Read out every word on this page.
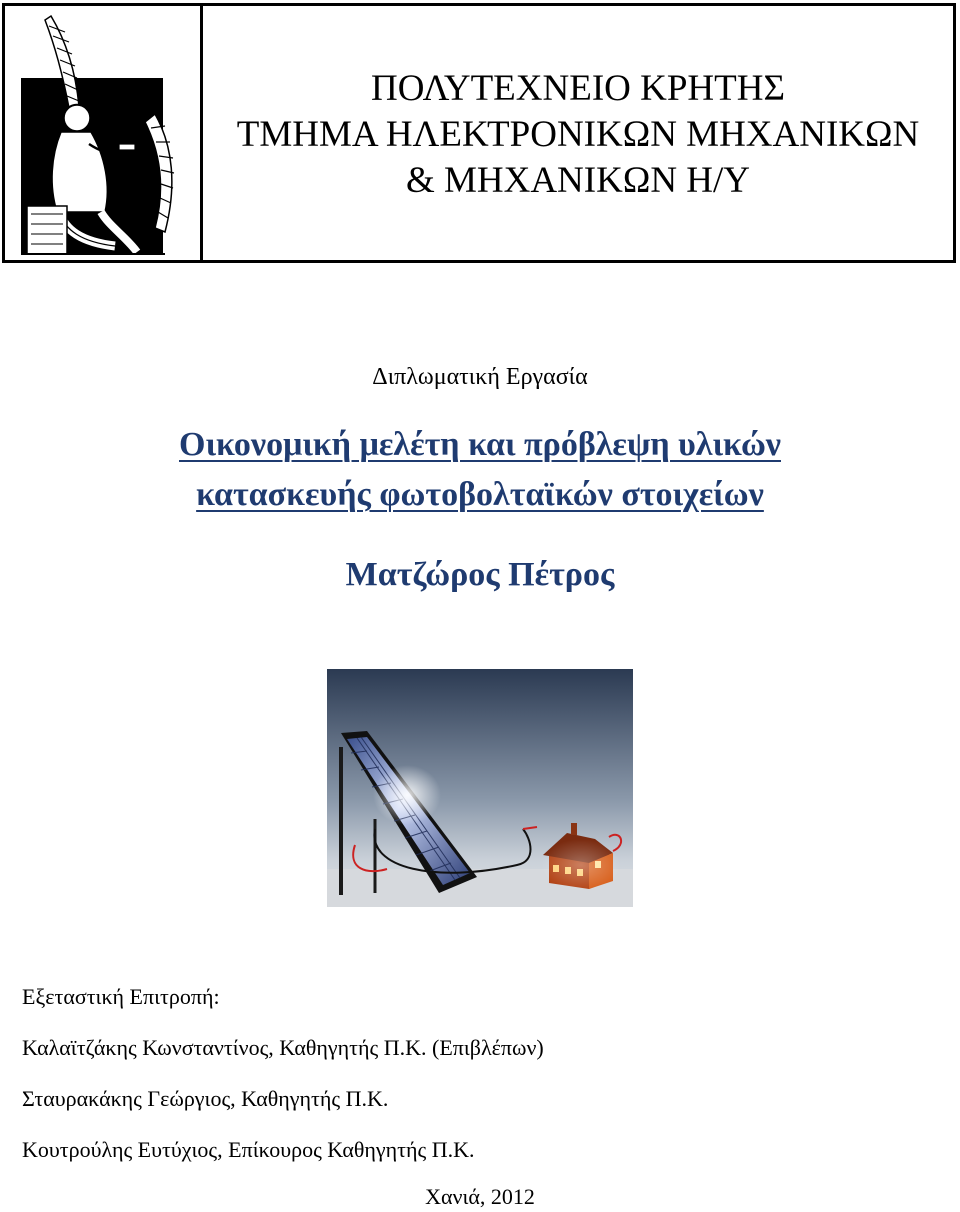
ΠΟΛΥΤΕΧΝΕΙΟ ΚΡΗΤΗΣ
ΤΜΗΜΑ ΗΛΕΚΤΡΟΝΙΚΩΝ ΜΗΧΑΝΙΚΩΝ
& ΜΗΧΑΝΙΚΩΝ Η/Υ
Διπλωματική Εργασία
Οικονομική μελέτη και πρόβλεψη υλικών
κατασκευής φωτοβολταϊκών στοιχείων
Ματζώρος Πέτρος
Εξεταστική Επιτροπή:
Καλαϊτζάκης Κωνσταντίνος, Καθηγητής Π.Κ. (Επιβλέπων)
Σταυρακάκης Γεώργιος, Καθηγητής Π.Κ.
Κουτρούλης Ευτύχιος, Επίκουρος Καθηγητής Π.Κ.
Χανιά, 2012
